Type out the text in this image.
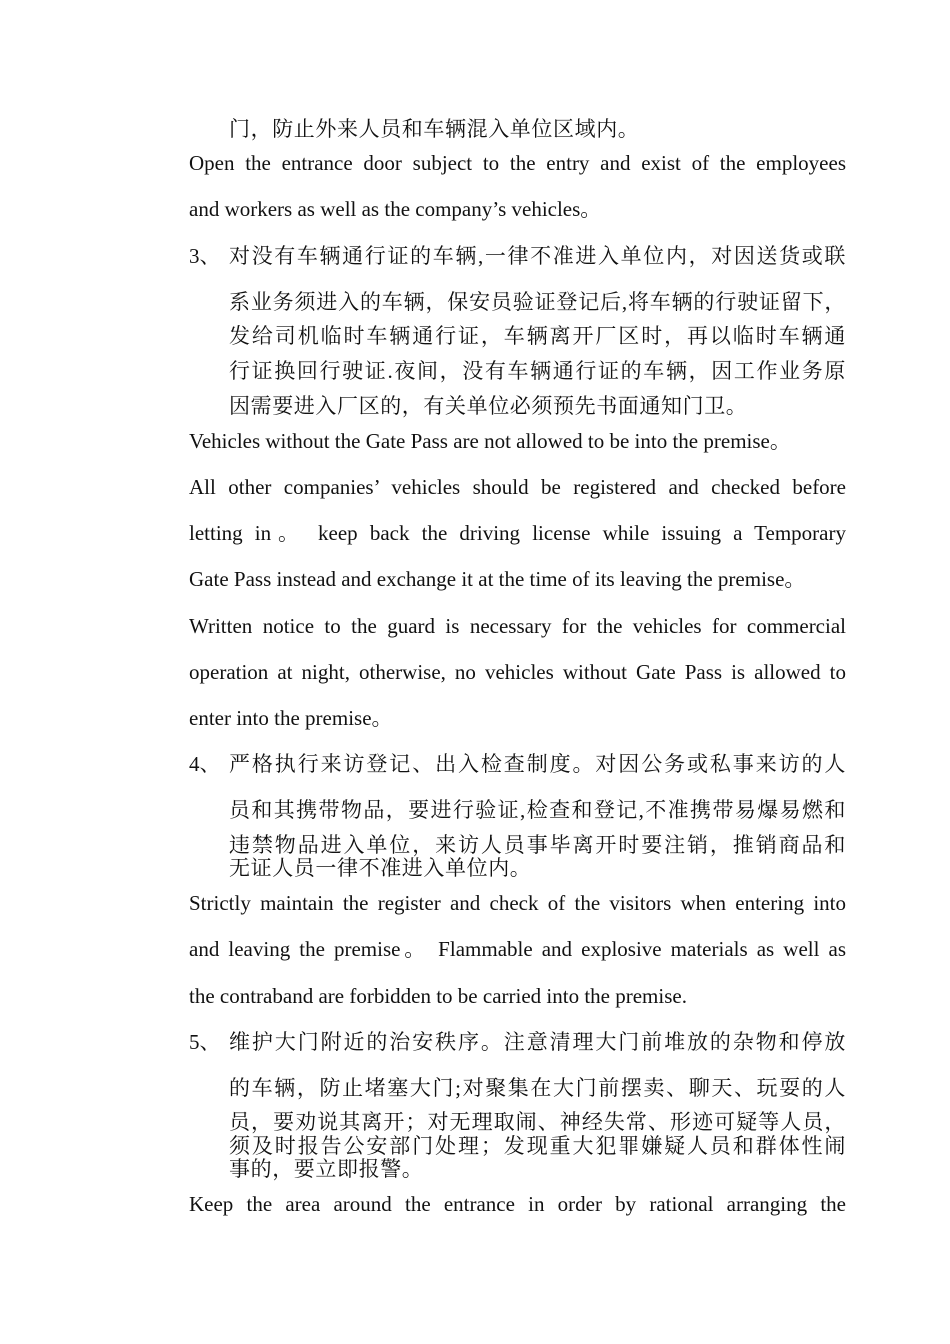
门，防止外来人员和车辆混入单位区域内。
Open the entrance door subject to the entry and exist of the employees
and workers as well as the company’s vehicles。
3、 对没有车辆通行证的车辆,一律不准进入单位内，对因送货或联
系业务须进入的车辆，保安员验证登记后,将车辆的行驶证留下，
发给司机临时车辆通行证，车辆离开厂区时，再以临时车辆通
行证换回行驶证.夜间，没有车辆通行证的车辆，因工作业务原
因需要进入厂区的，有关单位必须预先书面通知门卫。
Vehicles without the Gate Pass are not allowed to be into the premise。
All other companies’ vehicles should be registered and checked before
letting in。 keep back the driving license while issuing a Temporary
Gate Pass instead and exchange it at the time of its leaving the premise。
Written notice to the guard is necessary for the vehicles for commercial
operation at night, otherwise, no vehicles without Gate Pass is allowed to
enter into the premise。
4、 严格执行来访登记、出入检查制度。对因公务或私事来访的人
员和其携带物品，要进行验证,检查和登记,不准携带易爆易燃和
违禁物品进入单位，来访人员事毕离开时要注销，推销商品和
无证人员一律不准进入单位内。
Strictly maintain the register and check of the visitors when entering into
and leaving the premise。 Flammable and explosive materials as well as
the contraband are forbidden to be carried into the premise.
5、 维护大门附近的治安秩序。注意清理大门前堆放的杂物和停放
的车辆，防止堵塞大门;对聚集在大门前摆卖、聊天、玩耍的人
员，要劝说其离开；对无理取闹、神经失常、形迹可疑等人员，
须及时报告公安部门处理；发现重大犯罪嫌疑人员和群体性闹
事的，要立即报警。
Keep the area around the entrance in order by rational arranging the
